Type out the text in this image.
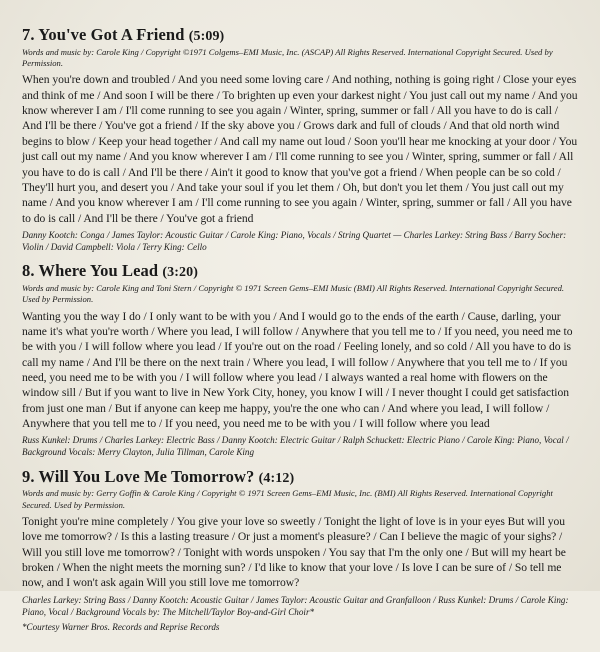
7. You've Got A Friend (5:09)

Words and music by: Carole King / Copyright ©1971 Colgems–EMI Music, Inc. (ASCAP) All Rights Reserved. International Copyright Secured. Used by Permission.

When you're down and troubled / And you need some loving care / And nothing, nothing is going right / Close your eyes and think of me / And soon I will be there / To brighten up even your darkest night / You just call out my name / And you know wherever I am / I'll come running to see you again / Winter, spring, summer or fall / All you have to do is call / And I'll be there / You've got a friend / If the sky above you / Grows dark and full of clouds / And that old north wind begins to blow / Keep your head together / And call my name out loud / Soon you'll hear me knocking at your door / You just call out my name / And you know wherever I am / I'll come running to see you / Winter, spring, summer or fall / All you have to do is call / And I'll be there / Ain't it good to know that you've got a friend / When people can be so cold / They'll hurt you, and desert you / And take your soul if you let them / Oh, but don't you let them / You just call out my name / And you know wherever I am / I'll come running to see you again / Winter, spring, summer or fall / All you have to do is call / And I'll be there / You've got a friend

Danny Kootch: Conga / James Taylor: Acoustic Guitar / Carole King: Piano, Vocals / String Quartet — Charles Larkey: String Bass / Barry Socher: Violin / David Campbell: Viola / Terry King: Cello

8. Where You Lead (3:20)

Words and music by: Carole King and Toni Stern / Copyright © 1971 Screen Gems–EMI Music (BMI) All Rights Reserved. International Copyright Secured. Used by Permission.

Wanting you the way I do / I only want to be with you / And I would go to the ends of the earth / Cause, darling, your name it's what you're worth / Where you lead, I will follow / Anywhere that you tell me to / If you need, you need me to be with you / I will follow where you lead / If you're out on the road / Feeling lonely, and so cold / All you have to do is call my name / And I'll be there on the next train / Where you lead, I will follow / Anywhere that you tell me to / If you need, you need me to be with you / I will follow where you lead / I always wanted a real home with flowers on the window sill / But if you want to live in New York City, honey, you know I will / I never thought I could get satisfaction from just one man / But if anyone can keep me happy, you're the one who can / And where you lead, I will follow / Anywhere that you tell me to / If you need, you need me to be with you / I will follow where you lead

Russ Kunkel: Drums / Charles Larkey: Electric Bass / Danny Kootch: Electric Guitar / Ralph Schuckett: Electric Piano / Carole King: Piano, Vocal / Background Vocals: Merry Clayton, Julia Tillman, Carole King

9. Will You Love Me Tomorrow? (4:12)

Words and music by: Gerry Goffin & Carole King / Copyright © 1971 Screen Gems–EMI Music, Inc. (BMI) All Rights Reserved. International Copyright Secured. Used by Permission.

Tonight you're mine completely / You give your love so sweetly / Tonight the light of love is in your eyes But will you love me tomorrow? / Is this a lasting treasure / Or just a moment's pleasure? / Can I believe the magic of your sighs? / Will you still love me tomorrow? / Tonight with words unspoken / You say that I'm the only one / But will my heart be broken / When the night meets the morning sun? / I'd like to know that your love / Is love I can be sure of / So tell me now, and I won't ask again Will you still love me tomorrow?

Charles Larkey: String Bass / Danny Kootch: Acoustic Guitar / James Taylor: Acoustic Guitar and Granfalloon / Russ Kunkel: Drums / Carole King: Piano, Vocal / Background Vocals by: The Mitchell/Taylor Boy-and-Girl Choir*

*Courtesy Warner Bros. Records and Reprise Records
